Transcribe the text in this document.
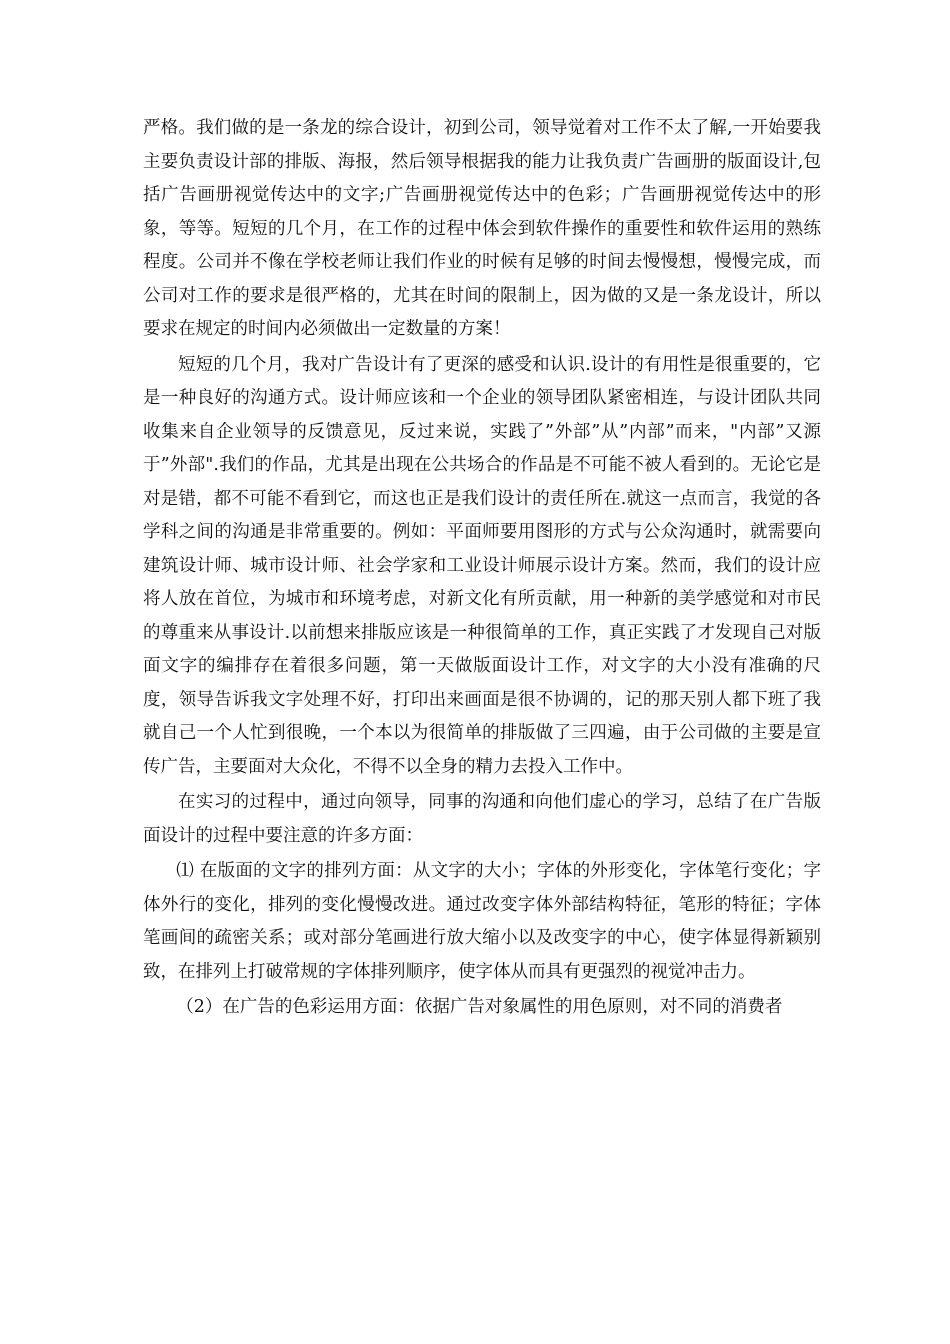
严格。我们做的是一条龙的综合设计，初到公司，领导觉着对工作不太了解,一开始要我主要负责设计部的排版、海报，然后领导根据我的能力让我负责广告画册的版面设计,包括广告画册视觉传达中的文字;广告画册视觉传达中的色彩；广告画册视觉传达中的形象，等等。短短的几个月，在工作的过程中体会到软件操作的重要性和软件运用的熟练程度。公司并不像在学校老师让我们作业的时候有足够的时间去慢慢想，慢慢完成，而公司对工作的要求是很严格的，尤其在时间的限制上，因为做的又是一条龙设计，所以要求在规定的时间内必须做出一定数量的方案！

短短的几个月，我对广告设计有了更深的感受和认识.设计的有用性是很重要的，它是一种良好的沟通方式。设计师应该和一个企业的领导团队紧密相连，与设计团队共同收集来自企业领导的反馈意见，反过来说，实践了”外部”从”内部”而来，"内部”又源于”外部".我们的作品，尤其是出现在公共场合的作品是不可能不被人看到的。无论它是对是错，都不可能不看到它，而这也正是我们设计的责任所在.就这一点而言，我觉的各学科之间的沟通是非常重要的。例如：平面师要用图形的方式与公众沟通时，就需要向建筑设计师、城市设计师、社会学家和工业设计师展示设计方案。然而，我们的设计应将人放在首位，为城市和环境考虑，对新文化有所贡献，用一种新的美学感觉和对市民的尊重来从事设计.以前想来排版应该是一种很简单的工作，真正实践了才发现自己对版面文字的编排存在着很多问题，第一天做版面设计工作，对文字的大小没有准确的尺度，领导告诉我文字处理不好，打印出来画面是很不协调的，记的那天别人都下班了我就自己一个人忙到很晚，一个本以为很简单的排版做了三四遍，由于公司做的主要是宣传广告，主要面对大众化，不得不以全身的精力去投入工作中。

在实习的过程中，通过向领导，同事的沟通和向他们虚心的学习，总结了在广告版面设计的过程中要注意的许多方面：

⑴ 在版面的文字的排列方面：从文字的大小；字体的外形变化，字体笔行变化；字体外行的变化，排列的变化慢慢改进。通过改变字体外部结构特征，笔形的特征；字体笔画间的疏密关系；或对部分笔画进行放大缩小以及改变字的中心，使字体显得新颖别致，在排列上打破常规的字体排列顺序，使字体从而具有更强烈的视觉冲击力。

（2）在广告的色彩运用方面：依据广告对象属性的用色原则，对不同的消费者
